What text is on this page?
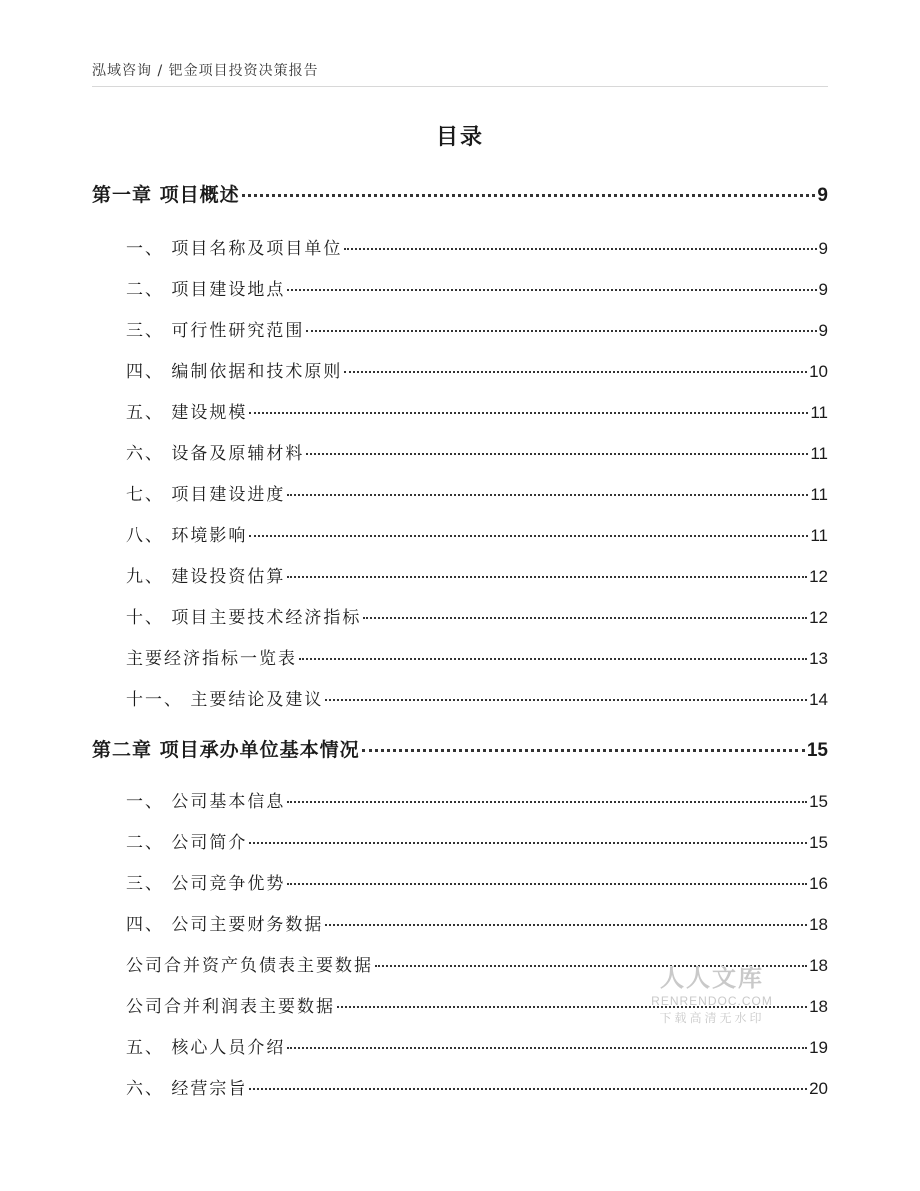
泓域咨询 / 钯金项目投资决策报告
目录
第一章 项目概述	9
一、 项目名称及项目单位	9
二、 项目建设地点	9
三、 可行性研究范围	9
四、 编制依据和技术原则	10
五、 建设规模	11
六、 设备及原辅材料	11
七、 项目建设进度	11
八、 环境影响	11
九、 建设投资估算	12
十、 项目主要技术经济指标	12
主要经济指标一览表	13
十一、 主要结论及建议	14
第二章 项目承办单位基本情况	15
一、 公司基本信息	15
二、 公司简介	15
三、 公司竞争优势	16
四、 公司主要财务数据	18
公司合并资产负债表主要数据	18
公司合并利润表主要数据	18
五、 核心人员介绍	19
六、 经营宗旨	20
人人文库
RENRENDOC.COM
下载高清无水印
